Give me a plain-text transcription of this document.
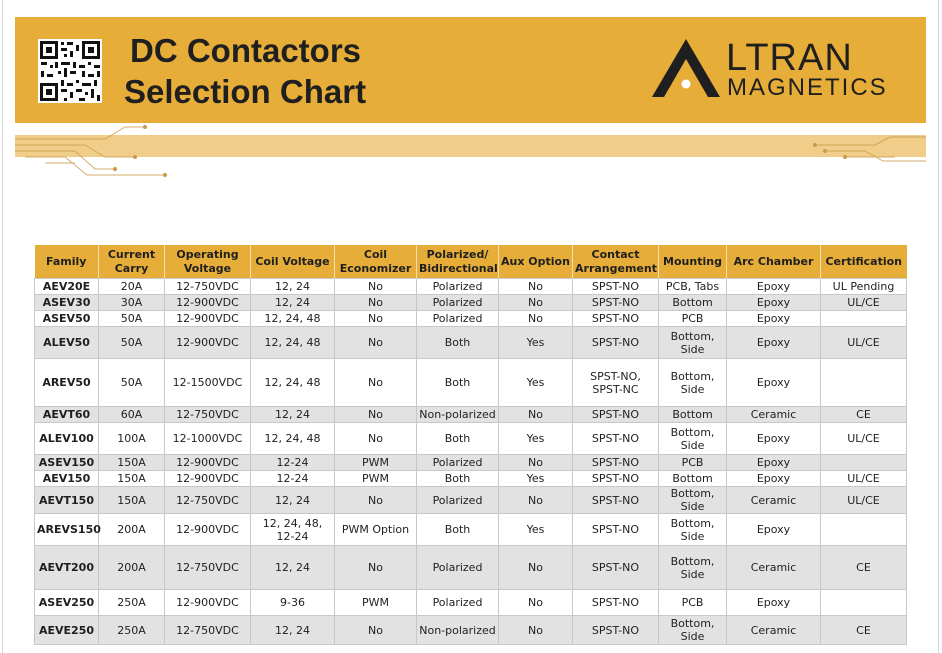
DC Contactors
Selection Chart
LTRAN
MAGNETICS
Family	Current Carry	Operating Voltage	Coil Voltage	Coil Economizer	Polarized/ Bidirectional	Aux Option	Contact Arrangement	Mounting	Arc Chamber	Certification
AEV20E	20A	12-750VDC	12, 24	No	Polarized	No	SPST-NO	PCB, Tabs	Epoxy	UL Pending
ASEV30	30A	12-900VDC	12, 24	No	Polarized	No	SPST-NO	Bottom	Epoxy	UL/CE
ASEV50	50A	12-900VDC	12, 24, 48	No	Polarized	No	SPST-NO	PCB	Epoxy	
ALEV50	50A	12-900VDC	12, 24, 48	No	Both	Yes	SPST-NO	Bottom, Side	Epoxy	UL/CE
AREV50	50A	12-1500VDC	12, 24, 48	No	Both	Yes	SPST-NO, SPST-NC	Bottom, Side	Epoxy	
AEVT60	60A	12-750VDC	12, 24	No	Non-polarized	No	SPST-NO	Bottom	Ceramic	CE
ALEV100	100A	12-1000VDC	12, 24, 48	No	Both	Yes	SPST-NO	Bottom, Side	Epoxy	UL/CE
ASEV150	150A	12-900VDC	12-24	PWM	Polarized	No	SPST-NO	PCB	Epoxy	
AEV150	150A	12-900VDC	12-24	PWM	Both	Yes	SPST-NO	Bottom	Epoxy	UL/CE
AEVT150	150A	12-750VDC	12, 24	No	Polarized	No	SPST-NO	Bottom, Side	Ceramic	UL/CE
AREVS150	200A	12-900VDC	12, 24, 48, 12-24	PWM Option	Both	Yes	SPST-NO	Bottom, Side	Epoxy	
AEVT200	200A	12-750VDC	12, 24	No	Polarized	No	SPST-NO	Bottom, Side	Ceramic	CE
ASEV250	250A	12-900VDC	9-36	PWM	Polarized	No	SPST-NO	PCB	Epoxy	
AEVE250	250A	12-750VDC	12, 24	No	Non-polarized	No	SPST-NO	Bottom, Side	Ceramic	CE
